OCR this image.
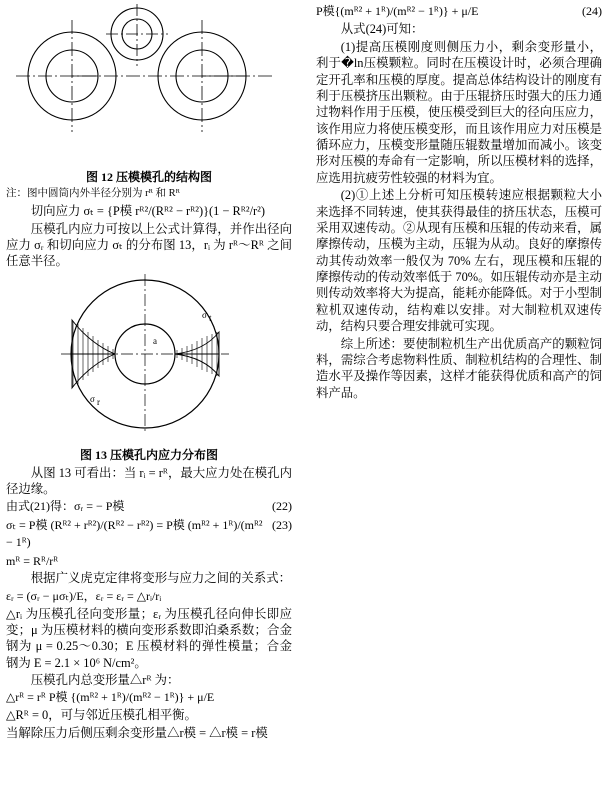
图 12 压模模孔的结构图
注：图中圆筒内外半径分别为 rᴿ 和 Rᴿ

切向应力 σₜ = {P模 rᴿ²/(Rᴿ² − rᴿ²)}(1 − Rᴿ²/r²)

压模孔内应力可按以上公式计算得，并作出径向应力 σᵣ 和切向应力 σₜ 的分布图 13，rᵢ 为 rᴿ～Rᴿ 之间任意半径。

a
σ r
σ t
图 13 压模孔内应力分布图

从图 13 可看出：当 rᵢ = rᴿ，最大应力处在模孔内径边缘。

(22)
由式(21)得：σᵣ = − P模
(23)
σₜ = P模 (Rᴿ² + rᴿ²)/(Rᴿ² − rᴿ²) = P模 (mᴿ² + 1ᴿ)/(mᴿ² − 1ᴿ)
mᴿ = Rᴿ/rᴿ

根据广义虎克定律将变形与应力之间的关系式：

εᵣ = (σᵣ − μσₜ)/E，εᵣ = εᵣ = △rᵢ/rᵢ

△rᵢ 为压模孔径向变形量；εᵣ 为压模孔径向伸长即应变；μ 为压模材料的横向变形系数即泊桑系数；合金钢为 μ = 0.25～0.30；E 压模材料的弹性模量；合金钢为 E = 2.1 × 10⁶ N/cm²。

压模孔内总变形量△rᴿ 为：

△rᴿ = rᴿ P模 {(mᴿ² + 1ᴿ)/(mᴿ² − 1ᴿ)} + μ/E

△Rᴿ = 0，可与邻近压模孔相平衡。

当解除压力后侧压剩余变形量△r模 = △r模 = r模

(24)
P模{(mᴿ² + 1ᴿ)/(mᴿ² − 1ᴿ)} + μ/E

从式(24)可知：

(1)提高压模刚度则侧压力小，剩余变形量小，利于�ln压模颗粒。同时在压模设计时，必须合理确定开孔率和压模的厚度。提高总体结构设计的刚度有利于压模挤压出颗粒。由于压辊挤压时强大的压力通过物料作用于压模，使压模受到巨大的径向压应力，该作用应力将使压模变形，而且该作用应力对压模是循环应力，压模变形量随压辊数量增加而减小。该变形对压模的寿命有一定影响，所以压模材料的选择，应选用抗疲劳性较强的材料为宜。

(2)①上述上分析可知压模转速应根据颗粒大小来选择不同转速，使其获得最佳的挤压状态，压模可采用双速传动。②从现有压模和压辊的传动来看，属摩擦传动，压模为主动，压辊为从动。良好的摩擦传动其传动效率一般仅为 70% 左右，现压模和压辊的摩擦传动的传动效率低于 70%。如压辊传动亦是主动则传动效率将大为提高，能耗亦能降低。对于小型制粒机双速传动，结构难以安排。对大制粒机双速传动，结构只要合理安排就可实现。

综上所述：要使制粒机生产出优质高产的颗粒饲料，需综合考虑物料性质、制粒机结构的合理性、制造水平及操作等因素，这样才能获得优质和高产的饲料产品。
